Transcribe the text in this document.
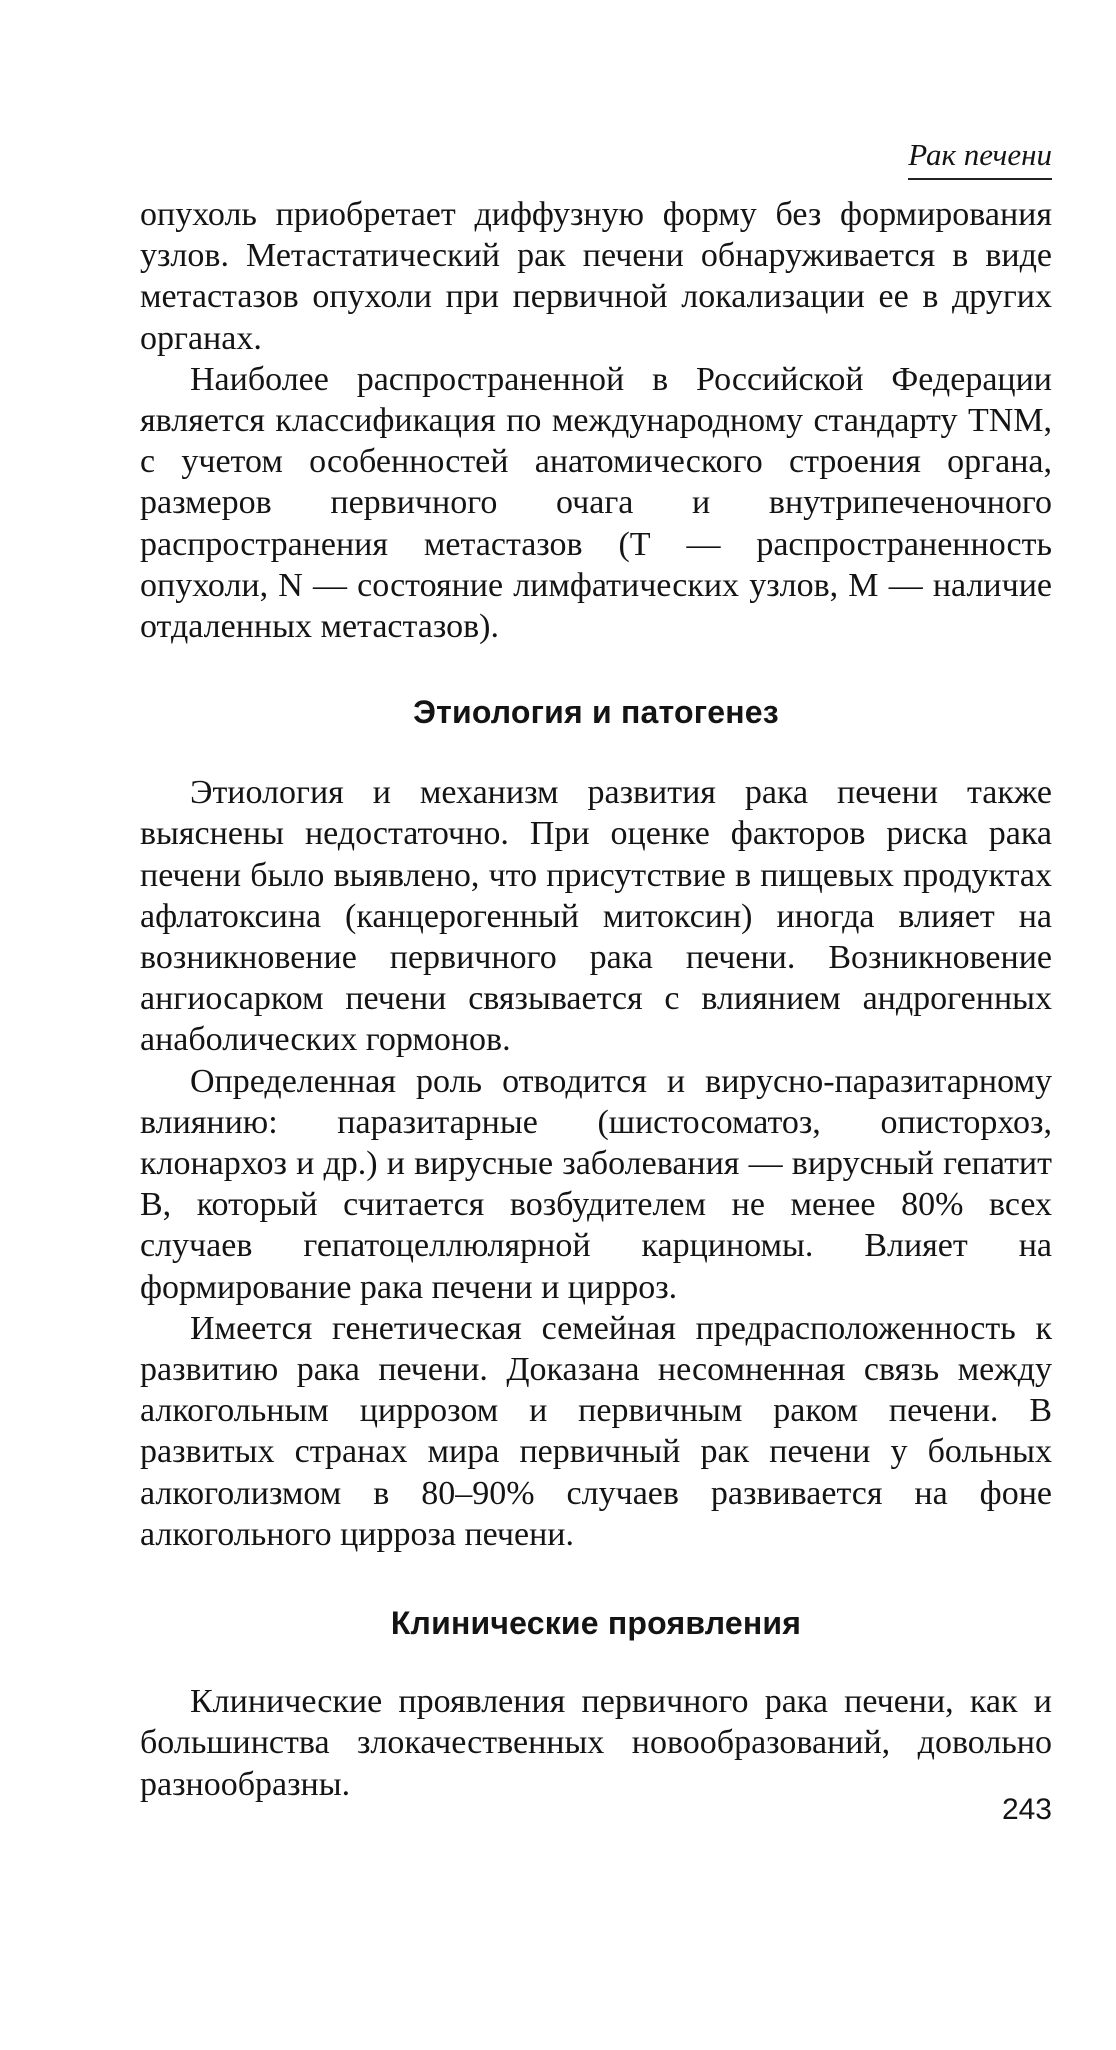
Рак печени

опухоль приобретает диффузную форму без формирования узлов. Метастатический рак печени обнаруживается в виде метастазов опухоли при первичной локализации ее в других органах.

Наиболее распространенной в Российской Федерации является классификация по международному стандарту TNM, с учетом особенностей анатомического строения органа, размеров первичного очага и внутрипеченочного распространения метастазов (Т — распространенность опухоли, N — состояние лимфатических узлов, М — наличие отдаленных метастазов).

Этиология и патогенез

Этиология и механизм развития рака печени также выяснены недостаточно. При оценке факторов риска рака печени было выявлено, что присутствие в пищевых продуктах афлатоксина (канцерогенный митоксин) иногда влияет на возникновение первичного рака печени. Возникновение ангиосарком печени связывается с влиянием андрогенных анаболических гормонов.

Определенная роль отводится и вирусно-паразитарному влиянию: паразитарные (шистосоматоз, описторхоз, клонархоз и др.) и вирусные заболевания — вирусный гепатит В, который считается возбудителем не менее 80% всех случаев гепатоцеллюлярной карциномы. Влияет на формирование рака печени и цирроз.

Имеется генетическая семейная предрасположенность к развитию рака печени. Доказана несомненная связь между алкогольным циррозом и первичным раком печени. В развитых странах мира первичный рак печени у больных алкоголизмом в 80–90% случаев развивается на фоне алкогольного цирроза печени.

Клинические проявления

Клинические проявления первичного рака печени, как и большинства злокачественных новообразований, довольно разнообразны.

243
